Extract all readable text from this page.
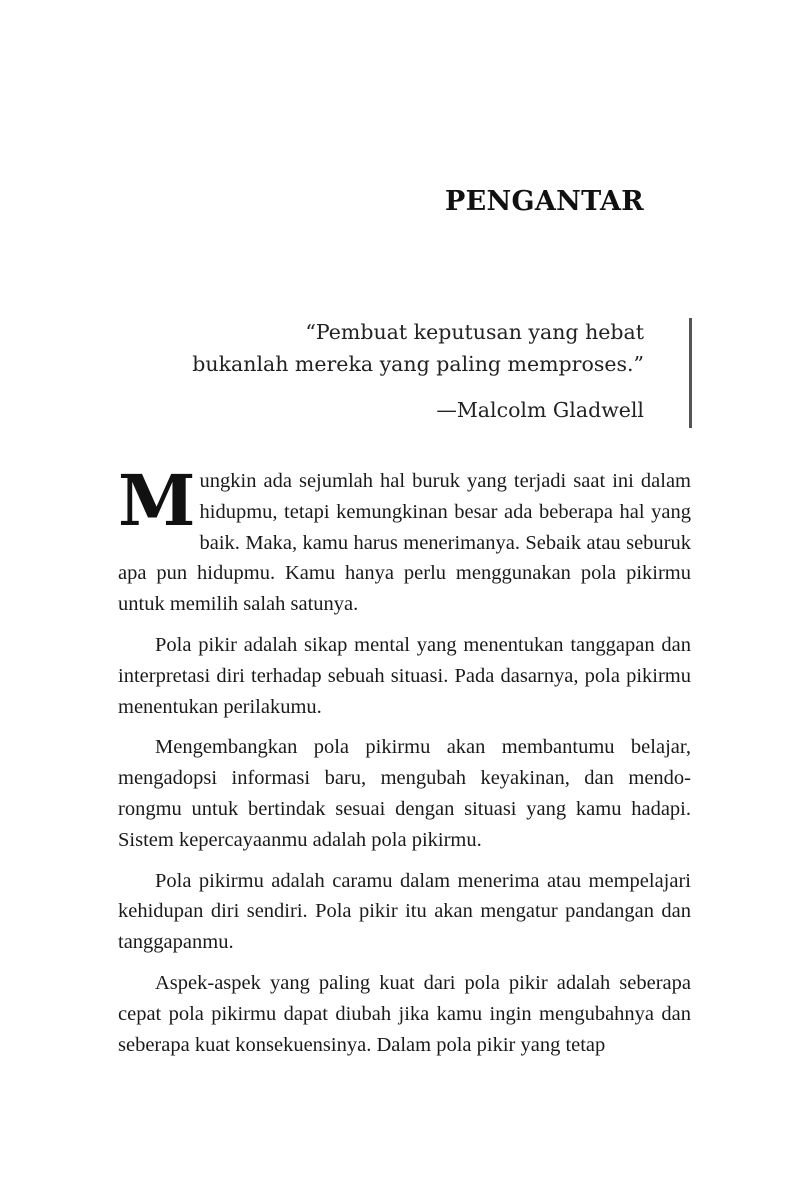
PENGANTAR
“Pembuat keputusan yang hebat
bukanlah mereka yang paling memproses.”
—Malcolm Gladwell

Mungkin ada sejumlah hal buruk yang terjadi saat ini dalam hidupmu, tetapi kemungkinan besar ada beberapa hal yang baik. Maka, kamu harus menerimanya. Sebaik atau seburuk apa pun hidupmu. Kamu hanya perlu menggunakan pola pikirmu untuk memilih salah satunya.

Pola pikir adalah sikap mental yang menentukan tanggapan dan interpretasi diri terhadap sebuah situasi. Pada dasarnya, pola pikirmu menentukan perilakumu.

Mengembangkan pola pikirmu akan membantumu belajar, mengadopsi informasi baru, mengubah keyakinan, dan mendorongmu untuk bertindak sesuai dengan situasi yang kamu hadapi. Sistem kepercayaanmu adalah pola pikirmu.

Pola pikirmu adalah caramu dalam menerima atau mempelajari kehidupan diri sendiri. Pola pikir itu akan mengatur pandangan dan tanggapanmu.

Aspek-aspek yang paling kuat dari pola pikir adalah seberapa cepat pola pikirmu dapat diubah jika kamu ingin mengubahnya dan seberapa kuat konsekuensinya. Dalam pola pikir yang tetap
